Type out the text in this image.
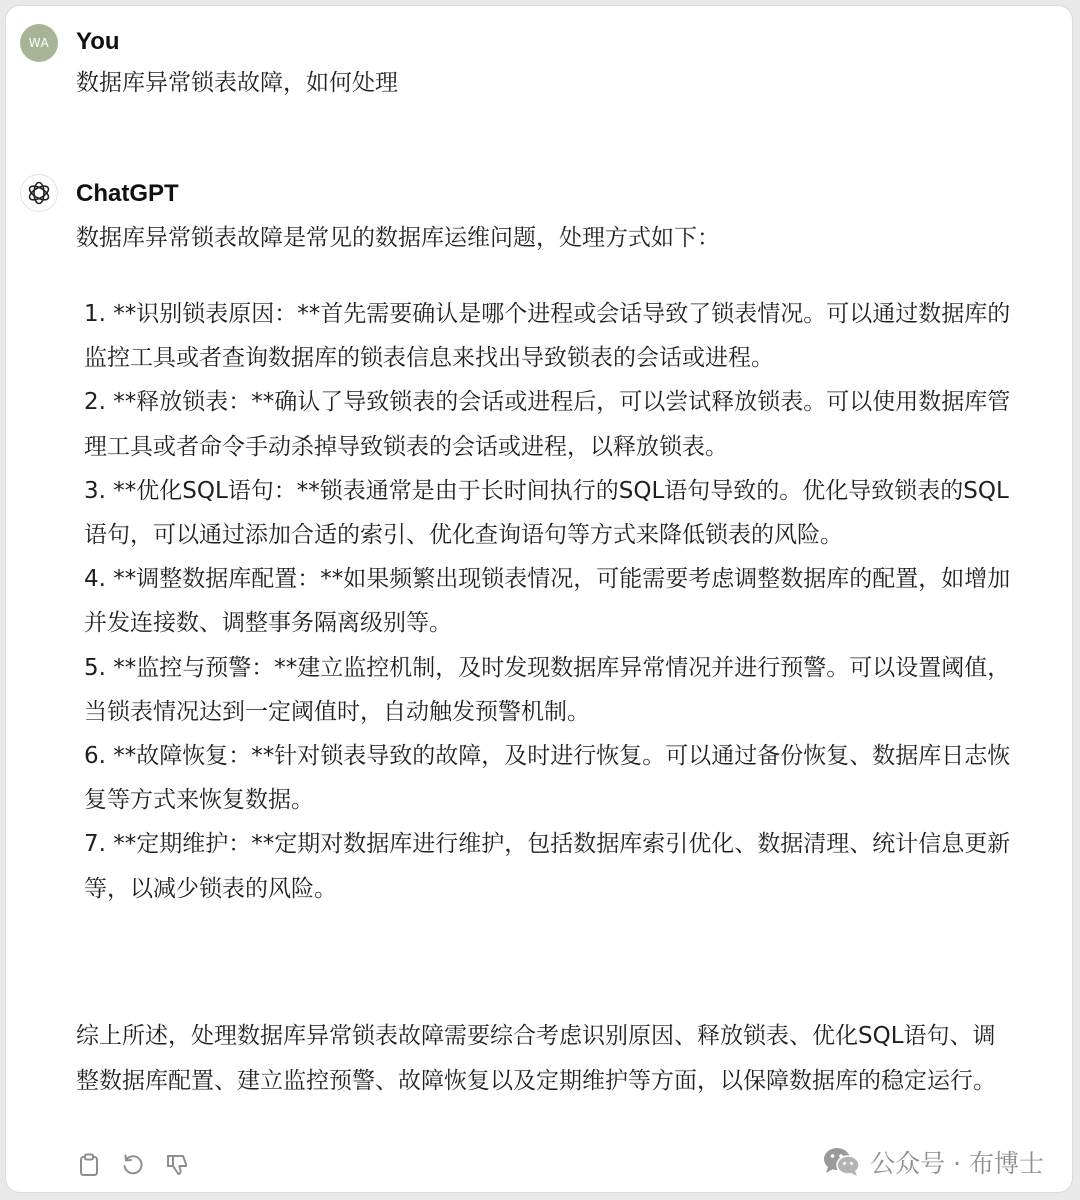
WA You
数据库异常锁表故障，如何处理
ChatGPT
数据库异常锁表故障是常见的数据库运维问题，处理方式如下：
1. **识别锁表原因：**首先需要确认是哪个进程或会话导致了锁表情况。可以通过数据库的监控工具或者查询数据库的锁表信息来找出导致锁表的会话或进程。
2. **释放锁表：**确认了导致锁表的会话或进程后，可以尝试释放锁表。可以使用数据库管理工具或者命令手动杀掉导致锁表的会话或进程，以释放锁表。
3. **优化SQL语句：**锁表通常是由于长时间执行的SQL语句导致的。优化导致锁表的SQL语句，可以通过添加合适的索引、优化查询语句等方式来降低锁表的风险。
4. **调整数据库配置：**如果频繁出现锁表情况，可能需要考虑调整数据库的配置，如增加并发连接数、调整事务隔离级别等。
5. **监控与预警：**建立监控机制，及时发现数据库异常情况并进行预警。可以设置阈值，当锁表情况达到一定阈值时，自动触发预警机制。
6. **故障恢复：**针对锁表导致的故障，及时进行恢复。可以通过备份恢复、数据库日志恢复等方式来恢复数据。
7. **定期维护：**定期对数据库进行维护，包括数据库索引优化、数据清理、统计信息更新等，以减少锁表的风险。
综上所述，处理数据库异常锁表故障需要综合考虑识别原因、释放锁表、优化SQL语句、调整数据库配置、建立监控预警、故障恢复以及定期维护等方面，以保障数据库的稳定运行。
公众号 · 布博士
